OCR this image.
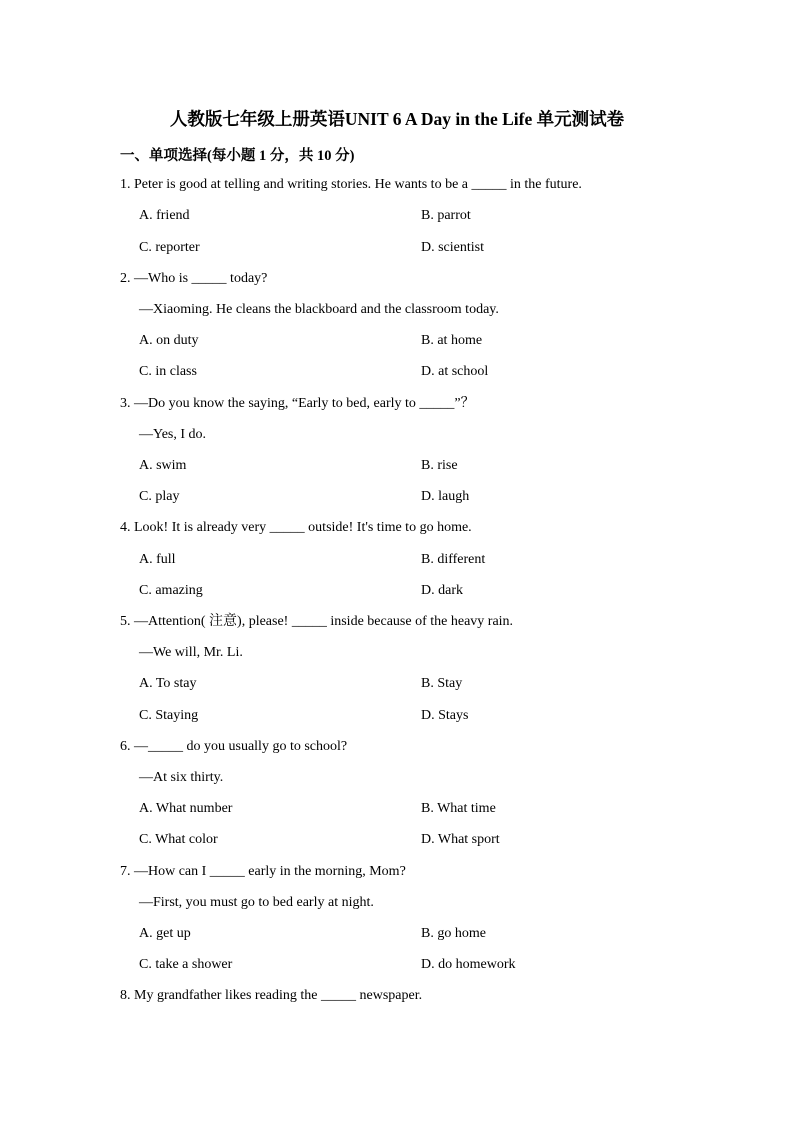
人教版七年级上册英语UNIT 6 A Day in the Life 单元测试卷
一、单项选择(每小题 1 分，共 10 分)
1. Peter is good at telling and writing stories. He wants to be a _____ in the future.
A. friend	B. parrot
C. reporter	D. scientist
2. —Who is _____ today?
—Xiaoming. He cleans the blackboard and the classroom today.
A. on duty	B. at home
C. in class	D. at school
3. —Do you know the saying, “Early to bed, early to _____”？
—Yes, I do.
A. swim	B. rise
C. play	D. laugh
4. Look! It is already very _____ outside! It's time to go home.
A. full	B. different
C. amazing	D. dark
5. —Attention( 注意), please! _____ inside because of the heavy rain.
—We will, Mr. Li.
A. To stay	B. Stay
C. Staying	D. Stays
6. —_____ do you usually go to school?
—At six thirty.
A. What number	B. What time
C. What color	D. What sport
7. —How can I _____ early in the morning, Mom?
—First, you must go to bed early at night.
A. get up	B. go home
C. take a shower	D. do homework
8. My grandfather likes reading the _____ newspaper.
